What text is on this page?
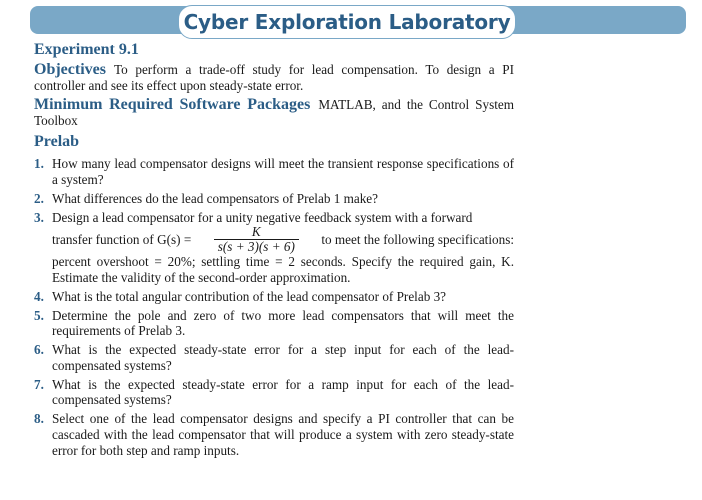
Cyber Exploration Laboratory

Experiment 9.1

Objectives To perform a trade-off study for lead compensation. To design a PI controller and see its effect upon steady-state error.

Minimum Required Software Packages MATLAB, and the Control System Toolbox

Prelab

1. How many lead compensator designs will meet the transient response specifications of a system?
2. What differences do the lead compensators of Prelab 1 make?
3. Design a lead compensator for a unity negative feedback system with a forward
transfer function of $G(s) = \frac{K}{s(s + 3)(s + 6)}$ to meet the following specifications:
percent overshoot = 20%; settling time = 2 seconds. Specify the required gain, K. Estimate the validity of the second-order approximation.
4. What is the total angular contribution of the lead compensator of Prelab 3?
5. Determine the pole and zero of two more lead compensators that will meet the requirements of Prelab 3.
6. What is the expected steady-state error for a step input for each of the lead-compensated systems?
7. What is the expected steady-state error for a ramp input for each of the lead-compensated systems?
8. Select one of the lead compensator designs and specify a PI controller that can be cascaded with the lead compensator that will produce a system with zero steady-state error for both step and ramp inputs.
